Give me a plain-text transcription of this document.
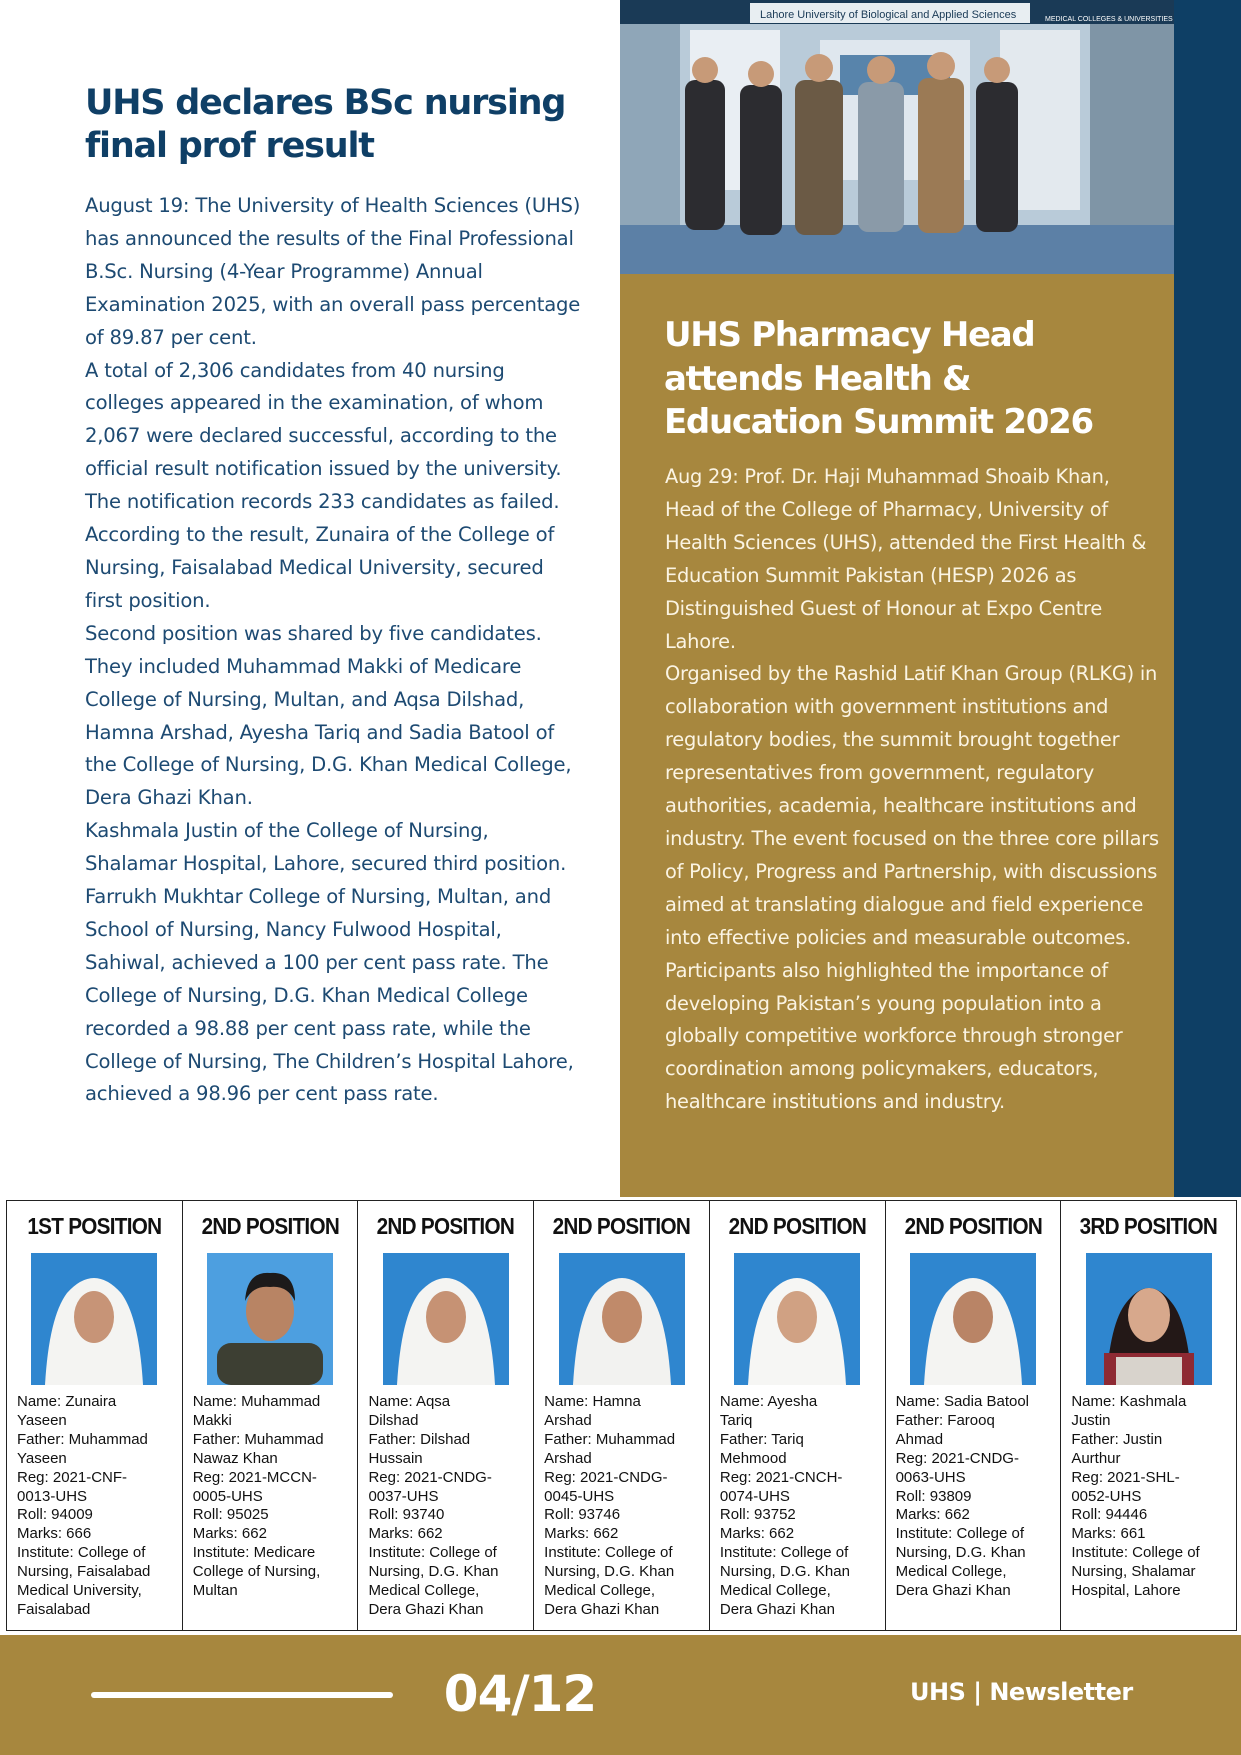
UHS declares BSc nursing
final prof result

August 19: The University of Health Sciences (UHS) has announced the results of the Final Professional B.Sc. Nursing (4-Year Programme) Annual Examination 2025, with an overall pass percentage of 89.87 per cent.

A total of 2,306 candidates from 40 nursing colleges appeared in the examination, of whom 2,067 were declared successful, according to the official result notification issued by the university. The notification records 233 candidates as failed.

According to the result, Zunaira of the College of Nursing, Faisalabad Medical University, secured first position.

Second position was shared by five candidates. They included Muhammad Makki of Medicare College of Nursing, Multan, and Aqsa Dilshad, Hamna Arshad, Ayesha Tariq and Sadia Batool of the College of Nursing, D.G. Khan Medical College, Dera Ghazi Khan.

Kashmala Justin of the College of Nursing, Shalamar Hospital, Lahore, secured third position.

Farrukh Mukhtar College of Nursing, Multan, and School of Nursing, Nancy Fulwood Hospital, Sahiwal, achieved a 100 per cent pass rate. The College of Nursing, D.G. Khan Medical College recorded a 98.88 per cent pass rate, while the College of Nursing, The Children’s Hospital Lahore, achieved a 98.96 per cent pass rate.

Lahore University of Biological and Applied Sciences	MEDICAL COLLEGES & UNIVERSITIES
UHS Pharmacy Head
attends Health &
Education Summit 2026

Aug 29: Prof. Dr. Haji Muhammad Shoaib Khan, Head of the College of Pharmacy, University of Health Sciences (UHS), attended the First Health & Education Summit Pakistan (HESP) 2026 as Distinguished Guest of Honour at Expo Centre Lahore.

Organised by the Rashid Latif Khan Group (RLKG) in collaboration with government institutions and regulatory bodies, the summit brought together representatives from government, regulatory authorities, academia, healthcare institutions and industry. The event focused on the three core pillars of Policy, Progress and Partnership, with discussions aimed at translating dialogue and field experience into effective policies and measurable outcomes. Participants also highlighted the importance of developing Pakistan’s young population into a globally competitive workforce through stronger coordination among policymakers, educators, healthcare institutions and industry.

1ST POSITION
Name: Zunaira
Yaseen
Father: Muhammad
Yaseen
Reg: 2021-CNF-
0013-UHS
Roll: 94009
Marks: 666
Institute: College of
Nursing, Faisalabad
Medical University,
Faisalabad
2ND POSITION
Name: Muhammad
Makki
Father: Muhammad
Nawaz Khan
Reg: 2021-MCCN-
0005-UHS
Roll: 95025
Marks: 662
Institute: Medicare
College of Nursing,
Multan
2ND POSITION
Name: Aqsa
Dilshad
Father: Dilshad
Hussain
Reg: 2021-CNDG-
0037-UHS
Roll: 93740
Marks: 662
Institute: College of
Nursing, D.G. Khan
Medical College,
Dera Ghazi Khan
2ND POSITION
Name: Hamna
Arshad
Father: Muhammad
Arshad
Reg: 2021-CNDG-
0045-UHS
Roll: 93746
Marks: 662
Institute: College of
Nursing, D.G. Khan
Medical College,
Dera Ghazi Khan
2ND POSITION
Name: Ayesha
Tariq
Father: Tariq
Mehmood
Reg: 2021-CNCH-
0074-UHS
Roll: 93752
Marks: 662
Institute: College of
Nursing, D.G. Khan
Medical College,
Dera Ghazi Khan
2ND POSITION
Name: Sadia Batool
Father: Farooq
Ahmad
Reg: 2021-CNDG-
0063-UHS
Roll: 93809
Marks: 662
Institute: College of
Nursing, D.G. Khan
Medical College,
Dera Ghazi Khan
3RD POSITION
Name: Kashmala
Justin
Father: Justin
Aurthur
Reg: 2021-SHL-
0052-UHS
Roll: 94446
Marks: 661
Institute: College of
Nursing, Shalamar
Hospital, Lahore
04/12	UHS | Newsletter
